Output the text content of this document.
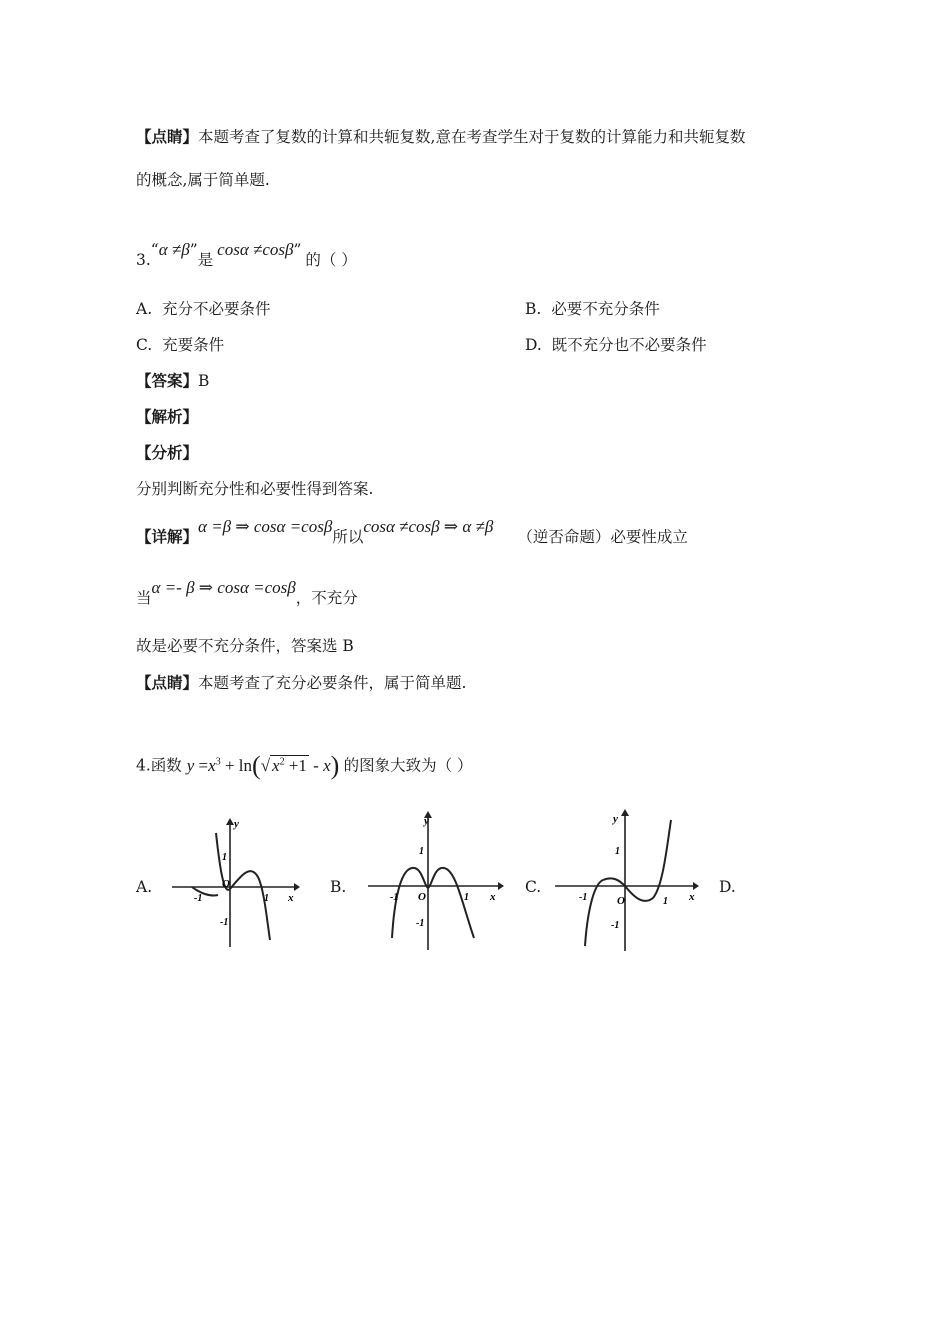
【点睛】本题考查了复数的计算和共轭复数,意在考查学生对于复数的计算能力和共轭复数
的概念,属于简单题.
3.“α ≠β”是cosα ≠cosβ”的（ ）
A. 充分不必要条件	B. 必要不充分条件
C. 充要条件	D. 既不充分也不必要条件
【答案】B
【解析】
【分析】
分别判断充分性和必要性得到答案.
【详解】α =β ⇒ cosα =cosβ所以cosα ≠cosβ ⇒ α ≠β（逆否命题）必要性成立
当α =- β ⇒ cosα =cosβ，不充分
故是必要不充分条件，答案选 B
【点睛】本题考查了充分必要条件，属于简单题.
4.函数 $y =x^3 + \ln(√$ $x^2 +1 - x$) 的图象大致为（ ）
A.	B.	C.	D.
y
x
O
1
-1
-1	1
y
x
O
1
-1
-1	1
y
x
O
1
-1
-1	1
